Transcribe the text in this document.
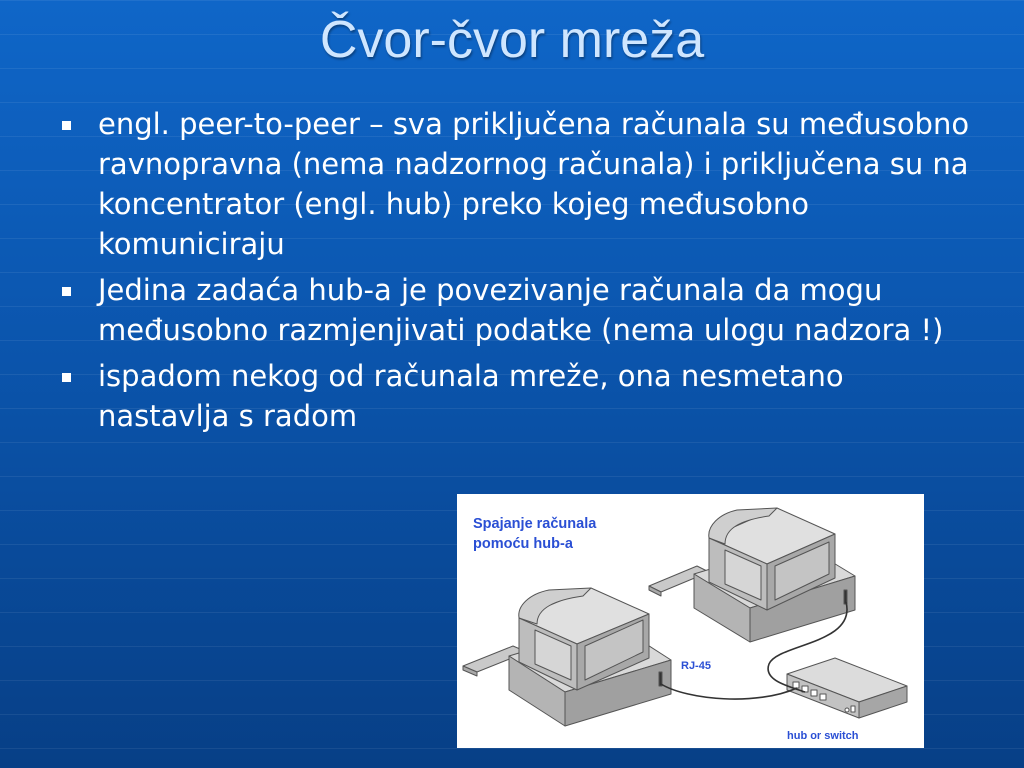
Čvor-čvor mreža
engl. peer-to-peer – sva priključena računala su međusobno ravnopravna (nema nadzornog računala) i priključena su na koncentrator (engl. hub) preko kojeg međusobno komuniciraju
Jedina zadaća hub-a je povezivanje računala da mogu međusobno razmjenjivati podatke (nema ulogu nadzora !)
ispadom nekog od računala mreže, ona nesmetano nastavlja s radom
Spajanje računala
pomoću hub-a
RJ-45
hub or switch
